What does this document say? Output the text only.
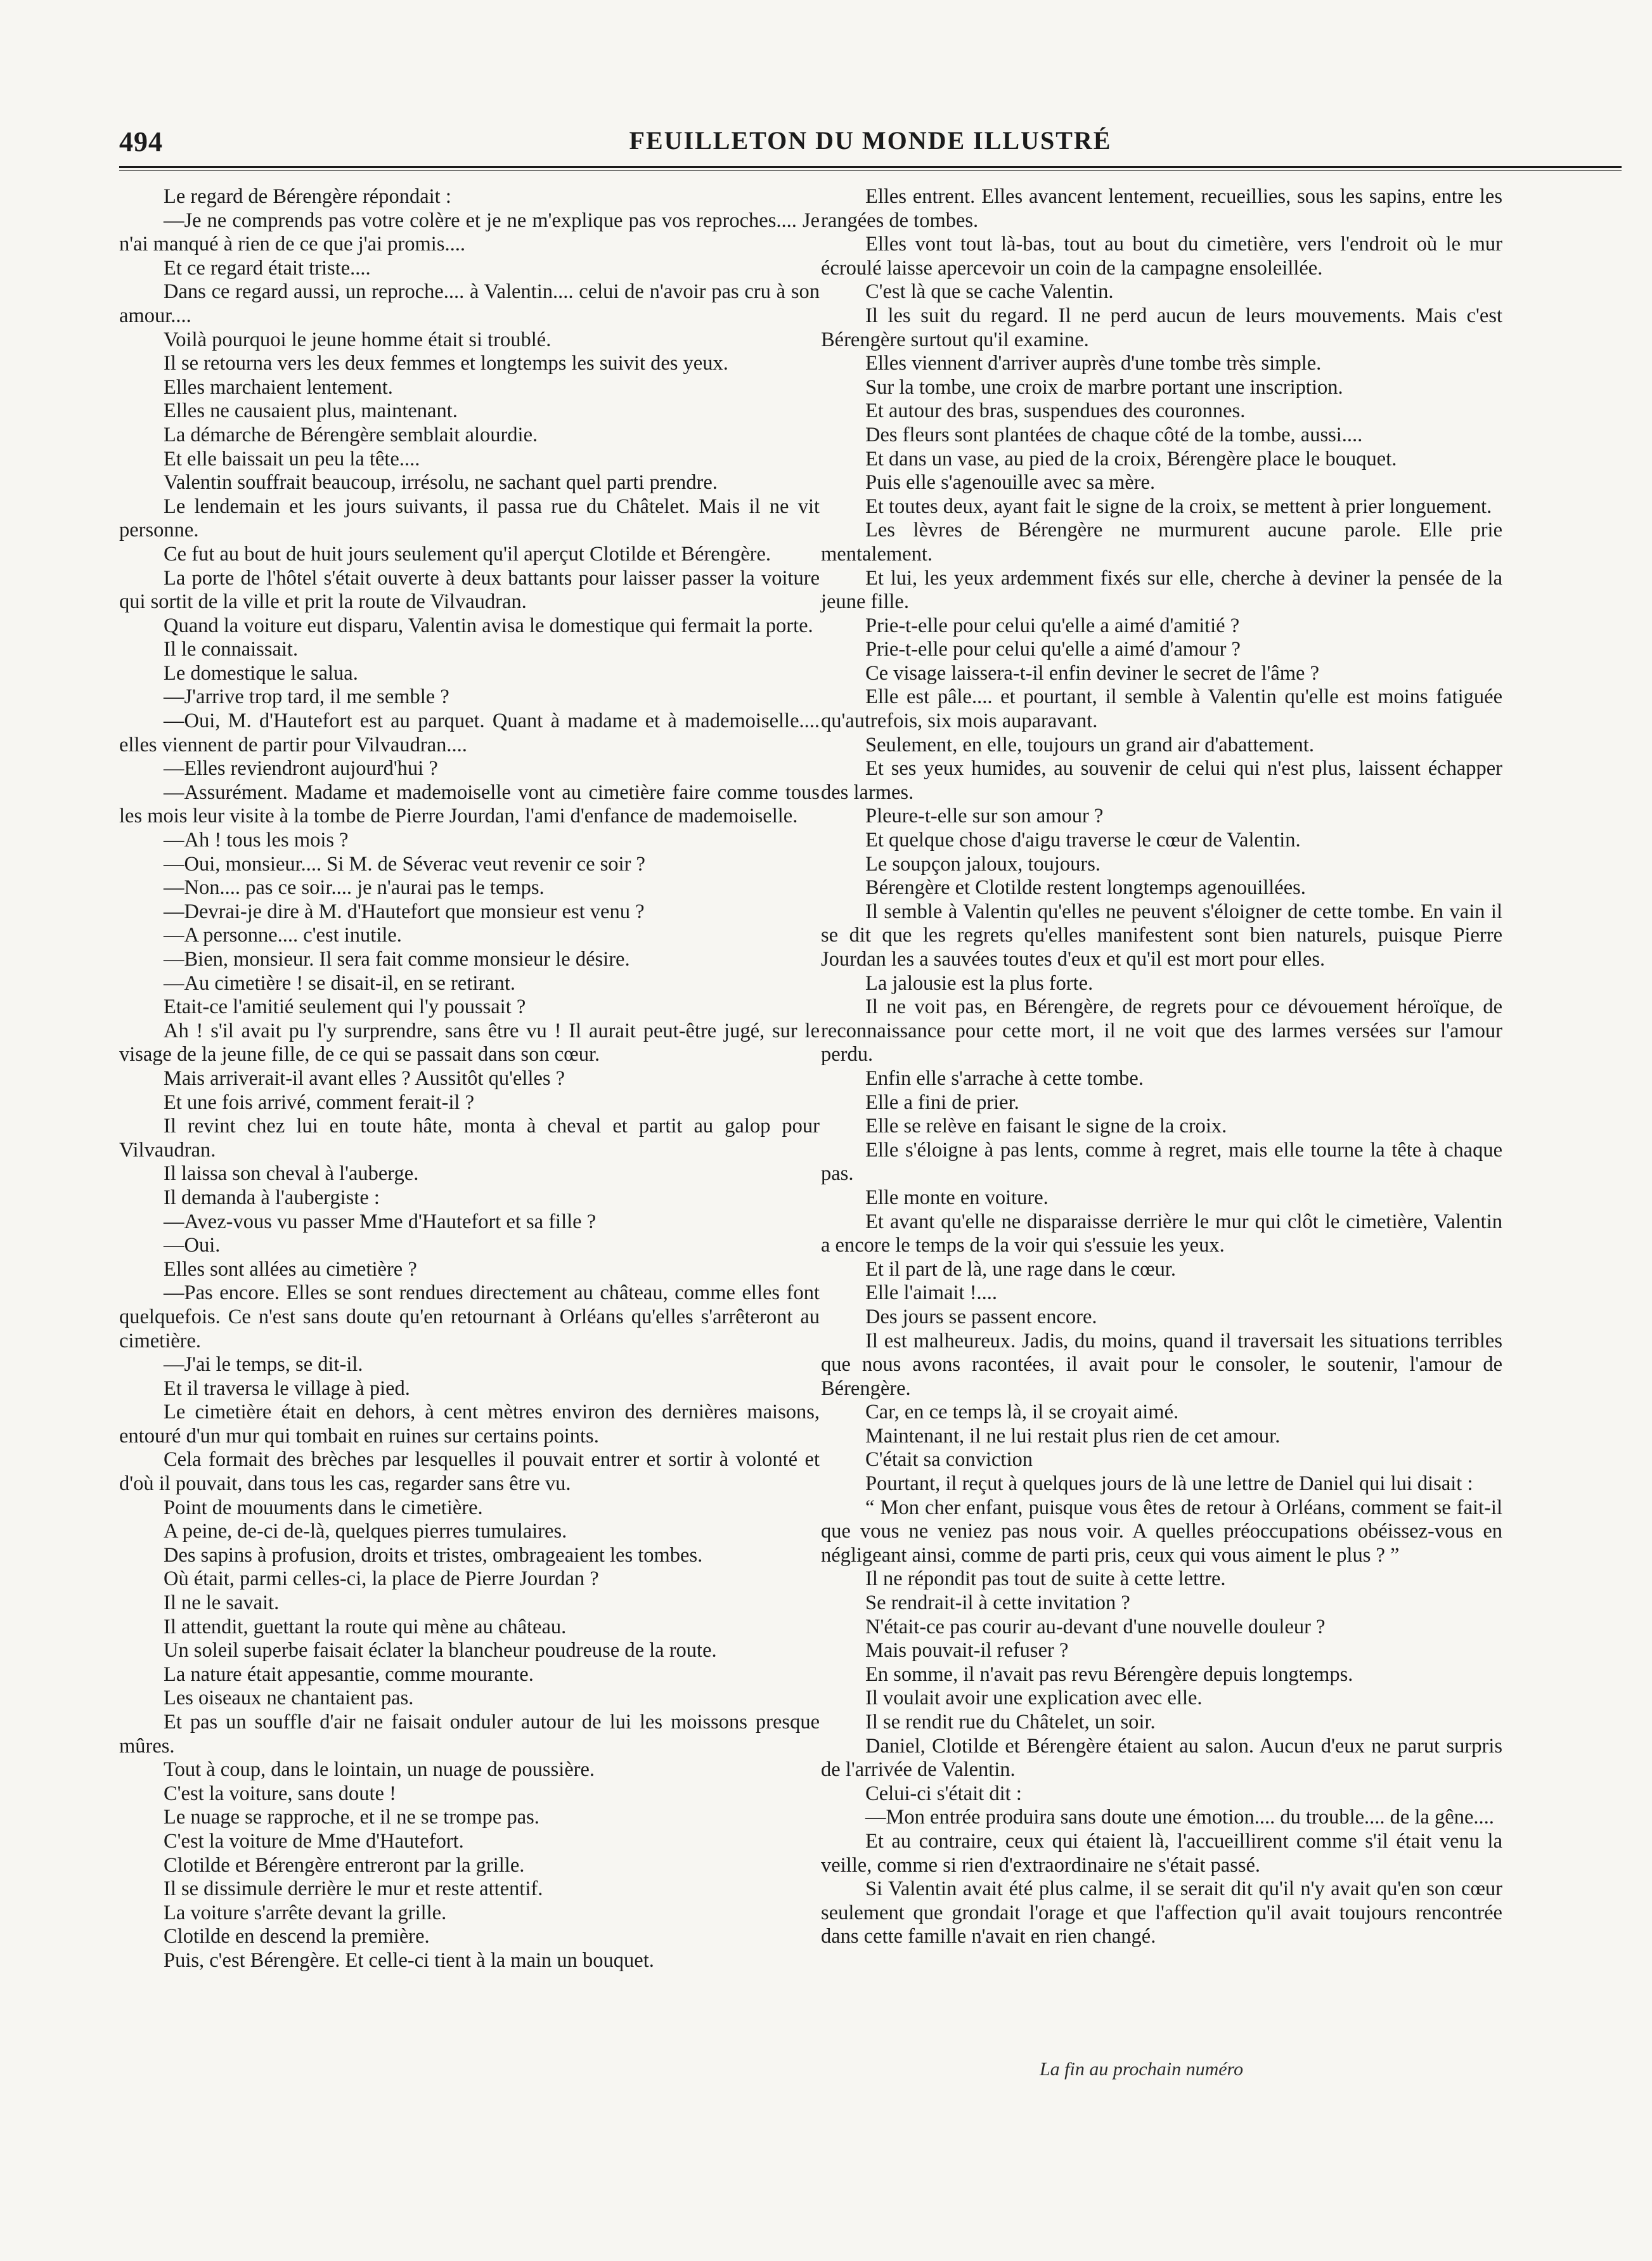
494	FEUILLETON DU MONDE ILLUSTRÉ

Le regard de Bérengère répondait :

—Je ne comprends pas votre colère et je ne m'explique pas vos reproches.... Je n'ai manqué à rien de ce que j'ai promis....

Et ce regard était triste....

Dans ce regard aussi, un reproche.... à Valentin.... celui de n'avoir pas cru à son amour....

Voilà pourquoi le jeune homme était si troublé.

Il se retourna vers les deux femmes et longtemps les suivit des yeux.

Elles marchaient lentement.

Elles ne causaient plus, maintenant.

La démarche de Bérengère semblait alourdie.

Et elle baissait un peu la tête....

Valentin souffrait beaucoup, irrésolu, ne sachant quel parti prendre.

Le lendemain et les jours suivants, il passa rue du Châtelet. Mais il ne vit personne.

Ce fut au bout de huit jours seulement qu'il aperçut Clotilde et Bérengère.

La porte de l'hôtel s'était ouverte à deux battants pour laisser passer la voiture qui sortit de la ville et prit la route de Vilvaudran.

Quand la voiture eut disparu, Valentin avisa le domestique qui fermait la porte.

Il le connaissait.

Le domestique le salua.

—J'arrive trop tard, il me semble ?

—Oui, M. d'Hautefort est au parquet. Quant à madame et à mademoiselle.... elles viennent de partir pour Vilvaudran....

—Elles reviendront aujourd'hui ?

—Assurément. Madame et mademoiselle vont au cimetière faire comme tous les mois leur visite à la tombe de Pierre Jourdan, l'ami d'enfance de mademoiselle.

—Ah ! tous les mois ?

—Oui, monsieur.... Si M. de Séverac veut revenir ce soir ?

—Non.... pas ce soir.... je n'aurai pas le temps.

—Devrai-je dire à M. d'Hautefort que monsieur est venu ?

—A personne.... c'est inutile.

—Bien, monsieur. Il sera fait comme monsieur le désire.

—Au cimetière ! se disait-il, en se retirant.

Etait-ce l'amitié seulement qui l'y poussait ?

Ah ! s'il avait pu l'y surprendre, sans être vu ! Il aurait peut-être jugé, sur le visage de la jeune fille, de ce qui se passait dans son cœur.

Mais arriverait-il avant elles ? Aussitôt qu'elles ?

Et une fois arrivé, comment ferait-il ?

Il revint chez lui en toute hâte, monta à cheval et partit au galop pour Vilvaudran.

Il laissa son cheval à l'auberge.

Il demanda à l'aubergiste :

—Avez-vous vu passer Mme d'Hautefort et sa fille ?

—Oui.

Elles sont allées au cimetière ?

—Pas encore. Elles se sont rendues directement au château, comme elles font quelquefois. Ce n'est sans doute qu'en retournant à Orléans qu'elles s'arrêteront au cimetière.

—J'ai le temps, se dit-il.

Et il traversa le village à pied.

Le cimetière était en dehors, à cent mètres environ des dernières maisons, entouré d'un mur qui tombait en ruines sur certains points.

Cela formait des brèches par lesquelles il pouvait entrer et sortir à volonté et d'où il pouvait, dans tous les cas, regarder sans être vu.

Point de mouuments dans le cimetière.

A peine, de-ci de-là, quelques pierres tumulaires.

Des sapins à profusion, droits et tristes, ombrageaient les tombes.

Où était, parmi celles-ci, la place de Pierre Jourdan ?

Il ne le savait.

Il attendit, guettant la route qui mène au château.

Un soleil superbe faisait éclater la blancheur poudreuse de la route.

La nature était appesantie, comme mourante.

Les oiseaux ne chantaient pas.

Et pas un souffle d'air ne faisait onduler autour de lui les moissons presque mûres.

Tout à coup, dans le lointain, un nuage de poussière.

C'est la voiture, sans doute !

Le nuage se rapproche, et il ne se trompe pas.

C'est la voiture de Mme d'Hautefort.

Clotilde et Bérengère entreront par la grille.

Il se dissimule derrière le mur et reste attentif.

La voiture s'arrête devant la grille.

Clotilde en descend la première.

Puis, c'est Bérengère. Et celle-ci tient à la main un bouquet.

Elles entrent. Elles avancent lentement, recueillies, sous les sapins, entre les rangées de tombes.

Elles vont tout là-bas, tout au bout du cimetière, vers l'endroit où le mur écroulé laisse apercevoir un coin de la campagne ensoleillée.

C'est là que se cache Valentin.

Il les suit du regard. Il ne perd aucun de leurs mouvements. Mais c'est Bérengère surtout qu'il examine.

Elles viennent d'arriver auprès d'une tombe très simple.

Sur la tombe, une croix de marbre portant une inscription.

Et autour des bras, suspendues des couronnes.

Des fleurs sont plantées de chaque côté de la tombe, aussi....

Et dans un vase, au pied de la croix, Bérengère place le bouquet.

Puis elle s'agenouille avec sa mère.

Et toutes deux, ayant fait le signe de la croix, se mettent à prier longuement.

Les lèvres de Bérengère ne murmurent aucune parole. Elle prie mentalement.

Et lui, les yeux ardemment fixés sur elle, cherche à deviner la pensée de la jeune fille.

Prie-t-elle pour celui qu'elle a aimé d'amitié ?

Prie-t-elle pour celui qu'elle a aimé d'amour ?

Ce visage laissera-t-il enfin deviner le secret de l'âme ?

Elle est pâle.... et pourtant, il semble à Valentin qu'elle est moins fatiguée qu'autrefois, six mois auparavant.

Seulement, en elle, toujours un grand air d'abattement.

Et ses yeux humides, au souvenir de celui qui n'est plus, laissent échapper des larmes.

Pleure-t-elle sur son amour ?

Et quelque chose d'aigu traverse le cœur de Valentin.

Le soupçon jaloux, toujours.

Bérengère et Clotilde restent longtemps agenouillées.

Il semble à Valentin qu'elles ne peuvent s'éloigner de cette tombe. En vain il se dit que les regrets qu'elles manifestent sont bien naturels, puisque Pierre Jourdan les a sauvées toutes d'eux et qu'il est mort pour elles.

La jalousie est la plus forte.

Il ne voit pas, en Bérengère, de regrets pour ce dévouement héroïque, de reconnaissance pour cette mort, il ne voit que des larmes versées sur l'amour perdu.

Enfin elle s'arrache à cette tombe.

Elle a fini de prier.

Elle se relève en faisant le signe de la croix.

Elle s'éloigne à pas lents, comme à regret, mais elle tourne la tête à chaque pas.

Elle monte en voiture.

Et avant qu'elle ne disparaisse derrière le mur qui clôt le cimetière, Valentin a encore le temps de la voir qui s'essuie les yeux.

Et il part de là, une rage dans le cœur.

Elle l'aimait !....

Des jours se passent encore.

Il est malheureux. Jadis, du moins, quand il traversait les situations terribles que nous avons racontées, il avait pour le consoler, le soutenir, l'amour de Bérengère.

Car, en ce temps là, il se croyait aimé.

Maintenant, il ne lui restait plus rien de cet amour.

C'était sa conviction

Pourtant, il reçut à quelques jours de là une lettre de Daniel qui lui disait :

“ Mon cher enfant, puisque vous êtes de retour à Orléans, comment se fait-il que vous ne veniez pas nous voir. A quelles préoccupations obéissez-vous en négligeant ainsi, comme de parti pris, ceux qui vous aiment le plus ? ”

Il ne répondit pas tout de suite à cette lettre.

Se rendrait-il à cette invitation ?

N'était-ce pas courir au-devant d'une nouvelle douleur ?

Mais pouvait-il refuser ?

En somme, il n'avait pas revu Bérengère depuis longtemps.

Il voulait avoir une explication avec elle.

Il se rendit rue du Châtelet, un soir.

Daniel, Clotilde et Bérengère étaient au salon. Aucun d'eux ne parut surpris de l'arrivée de Valentin.

Celui-ci s'était dit :

—Mon entrée produira sans doute une émotion.... du trouble.... de la gêne....

Et au contraire, ceux qui étaient là, l'accueillirent comme s'il était venu la veille, comme si rien d'extraordinaire ne s'était passé.

Si Valentin avait été plus calme, il se serait dit qu'il n'y avait qu'en son cœur seulement que grondait l'orage et que l'affection qu'il avait toujours rencontrée dans cette famille n'avait en rien changé.

La fin au prochain numéro
